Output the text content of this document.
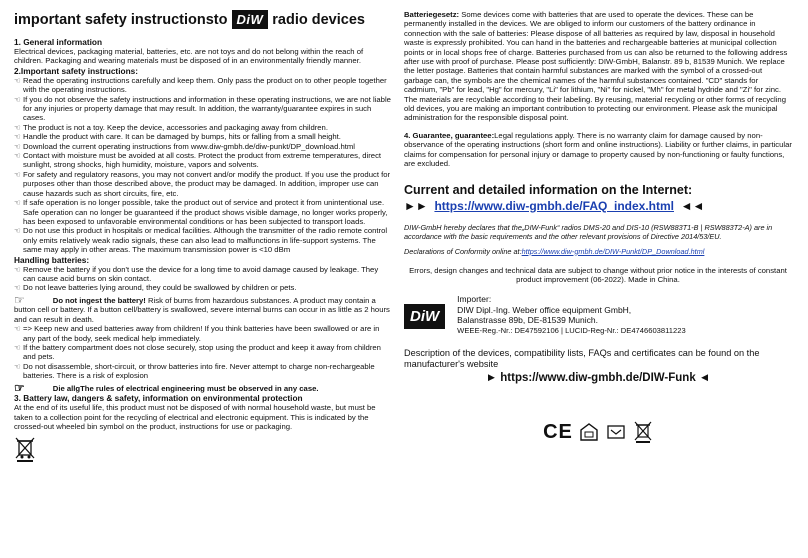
important safety instructionsto DiW radio devices
1. General information

Electrical devices, packaging material, batteries, etc. are not toys and do not belong within the reach of children. Packaging and wearing materials must be disposed of in an environmentally friendly manner.

2.Important safety instructions:
☜ Read the operating instructions carefully and keep them. Only pass the product on to other people together with the operating instructions.
☜ If you do not observe the safety instructions and information in these operating instructions, we are not liable for any injuries or property damage that may result. In addition, the warranty/guarantee expires in such cases.
☜ The product is not a toy. Keep the device, accessories and packaging away from children.
☜ Handle the product with care. It can be damaged by bumps, hits or falling from a small height.
☜ Download the current operating instructions from www.diw-gmbh.de/diw-punkt/DP_download.html
☜ Contact with moisture must be avoided at all costs. Protect the product from extreme temperatures, direct sunlight, strong shocks, high humidity, moisture, vapors and solvents.
☜ For safety and regulatory reasons, you may not convert and/or modify the product. If you use the product for purposes other than those described above, the product may be damaged. In addition, improper use can cause hazards such as short circuits, fire, etc.
☜ If safe operation is no longer possible, take the product out of service and protect it from unintentional use. Safe operation can no longer be guaranteed if the product shows visible damage, no longer works properly, has been exposed to unfavorable environmental conditions or has been subjected to transport loads.
☜ Do not use this product in hospitals or medical facilities. Although the transmitter of the radio remote control only emits relatively weak radio signals, these can also lead to malfunctions in life-support systems. The same may apply in other areas. The maximum transmission power is <10 dBm
Handling batteries:
☜ Remove the battery if you don't use the device for a long time to avoid damage caused by leakage. They can cause acid burns on skin contact.
☜ Do not leave batteries lying around, they could be swallowed by children or pets.
☞	Do not ingest the battery! Risk of burns from hazardous substances. A product may contain a button cell or battery. If a button cell/battery is swallowed, severe internal burns can occur in as little as 2 hours and can result in death.
☜ => Keep new and used batteries away from children! If you think batteries have been swallowed or are in any part of the body, seek medical help immediately.
☜ If the battery compartment does not close securely, stop using the product and keep it away from children and pets.
☜ Do not disassemble, short-circuit, or throw batteries into fire. Never attempt to charge non-rechargeable batteries. There is a risk of explosion
☞	Die allgThe rules of electrical engineering must be observed in any case.
3. Battery law, dangers & safety, information on environmental protection

At the end of its useful life, this product must not be disposed of with normal household waste, but must be taken to a collection point for the recycling of electrical and electronic equipment. This is indicated by the crossed-out wheeled bin symbol on the product, instructions for use or packaging.

Batteriegesetz: Some devices come with batteries that are used to operate the devices. These can be permanently installed in the devices. We are obliged to inform our customers of the battery ordinance in connection with the sale of batteries: Please dispose of all batteries as required by law, disposal in household waste is expressly prohibited. You can hand in the batteries and rechargeable batteries at municipal collection points or in local shops free of charge. Batteries purchased from us can also be returned to the following address after use with proof of purchase. Please post sufficiently: DIW-GmbH, Balanstr. 89 b, 81539 Munich. We replace the letter postage. Batteries that contain harmful substances are marked with the symbol of a crossed-out garbage can, the symbols are the chemical names of the harmful substances contained. "CD" stands for cadmium, "Pb" for lead, "Hg" for mercury, "Li" for lithium, "Ni" for nickel, "Mh" for metal hydride and "Zi" for zinc. The materials are recyclable according to their labeling. By reusing, material recycling or other forms of recycling old devices, you are making an important contribution to protecting our environment. Please ask the municipal administration for the responsible disposal point.

4. Guarantee, guarantee:Legal regulations apply. There is no warranty claim for damage caused by non-observance of the operating instructions (short form and online instructions). Liability or further claims, in particular claims for compensation for personal injury or damage to property caused by non-functioning or faulty functions, are excluded.

Current and detailed information on the Internet:
►► https://www.diw-gmbh.de/FAQ_index.html ◄◄
DIW-GmbH hereby declares that the„DIW-Funk“ radios DMS-20 and DIS-10 (RSW883T1-B | RSW883T2-A) are in accordance with the basic requirements and the other relevant provisions of Directive 2014/53/EU.
Declarations of Conformity online at:https://www.diw-gmbh.de/DIW-Punkt/DP_Download.html
Errors, design changes and technical data are subject to change without prior notice in the interests of constant product improvement (06-2022). Made in China.
DiW
Importer:
DIW Dipl.-Ing. Weber office equipment GmbH,
Balanstrasse 89b, DE-81539 Munich.
WEEE-Reg.-Nr.: DE47592106 | LUCID-Reg-Nr.: DE4746603811223
Description of the devices, compatibility lists, FAQs and certificates can be found on the manufacturer's website
► https://www.diw-gmbh.de/DIW-Funk ◄
CE
